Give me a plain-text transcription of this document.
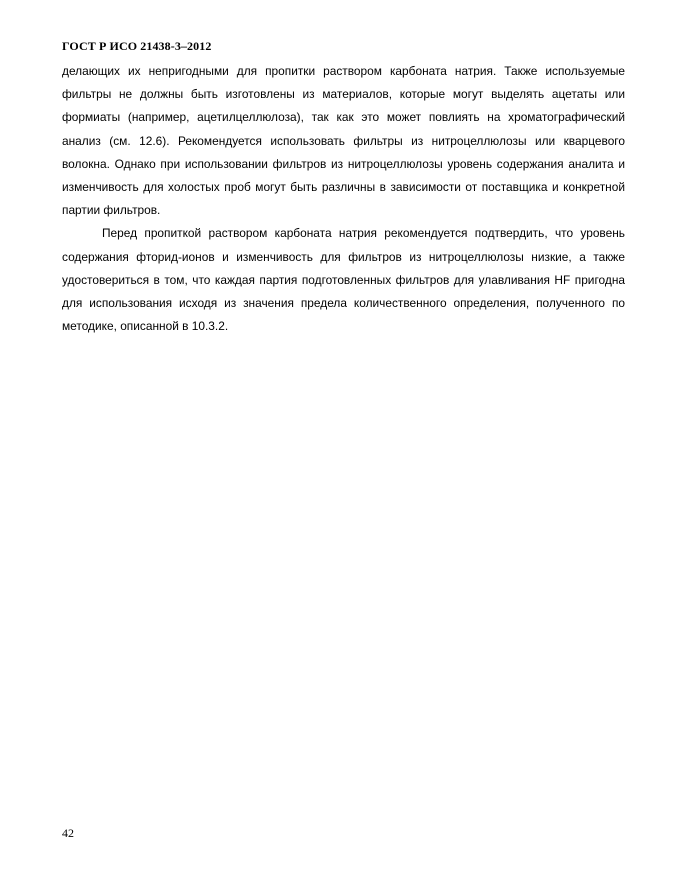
ГОСТ Р ИСО 21438-3–2012

делающих их непригодными для пропитки раствором карбоната натрия. Также используемые фильтры не должны быть изготовлены из материалов, которые могут выделять ацетаты или формиаты (например, ацетилцеллюлоза), так как это может повлиять на хроматографический анализ (см. 12.6). Рекомендуется использовать фильтры из нитроцеллюлозы или кварцевого волокна. Однако при использовании фильтров из нитроцеллюлозы уровень содержания аналита и изменчивость для холостых проб могут быть различны в зависимости от поставщика и конкретной партии фильтров.

Перед пропиткой раствором карбоната натрия рекомендуется подтвердить, что уровень содержания фторид-ионов и изменчивость для фильтров из нитроцеллюлозы низкие, а также удостовериться в том, что каждая партия подготовленных фильтров для улавливания HF пригодна для использования исходя из значения предела количественного определения, полученного по методике, описанной в 10.3.2.

42
